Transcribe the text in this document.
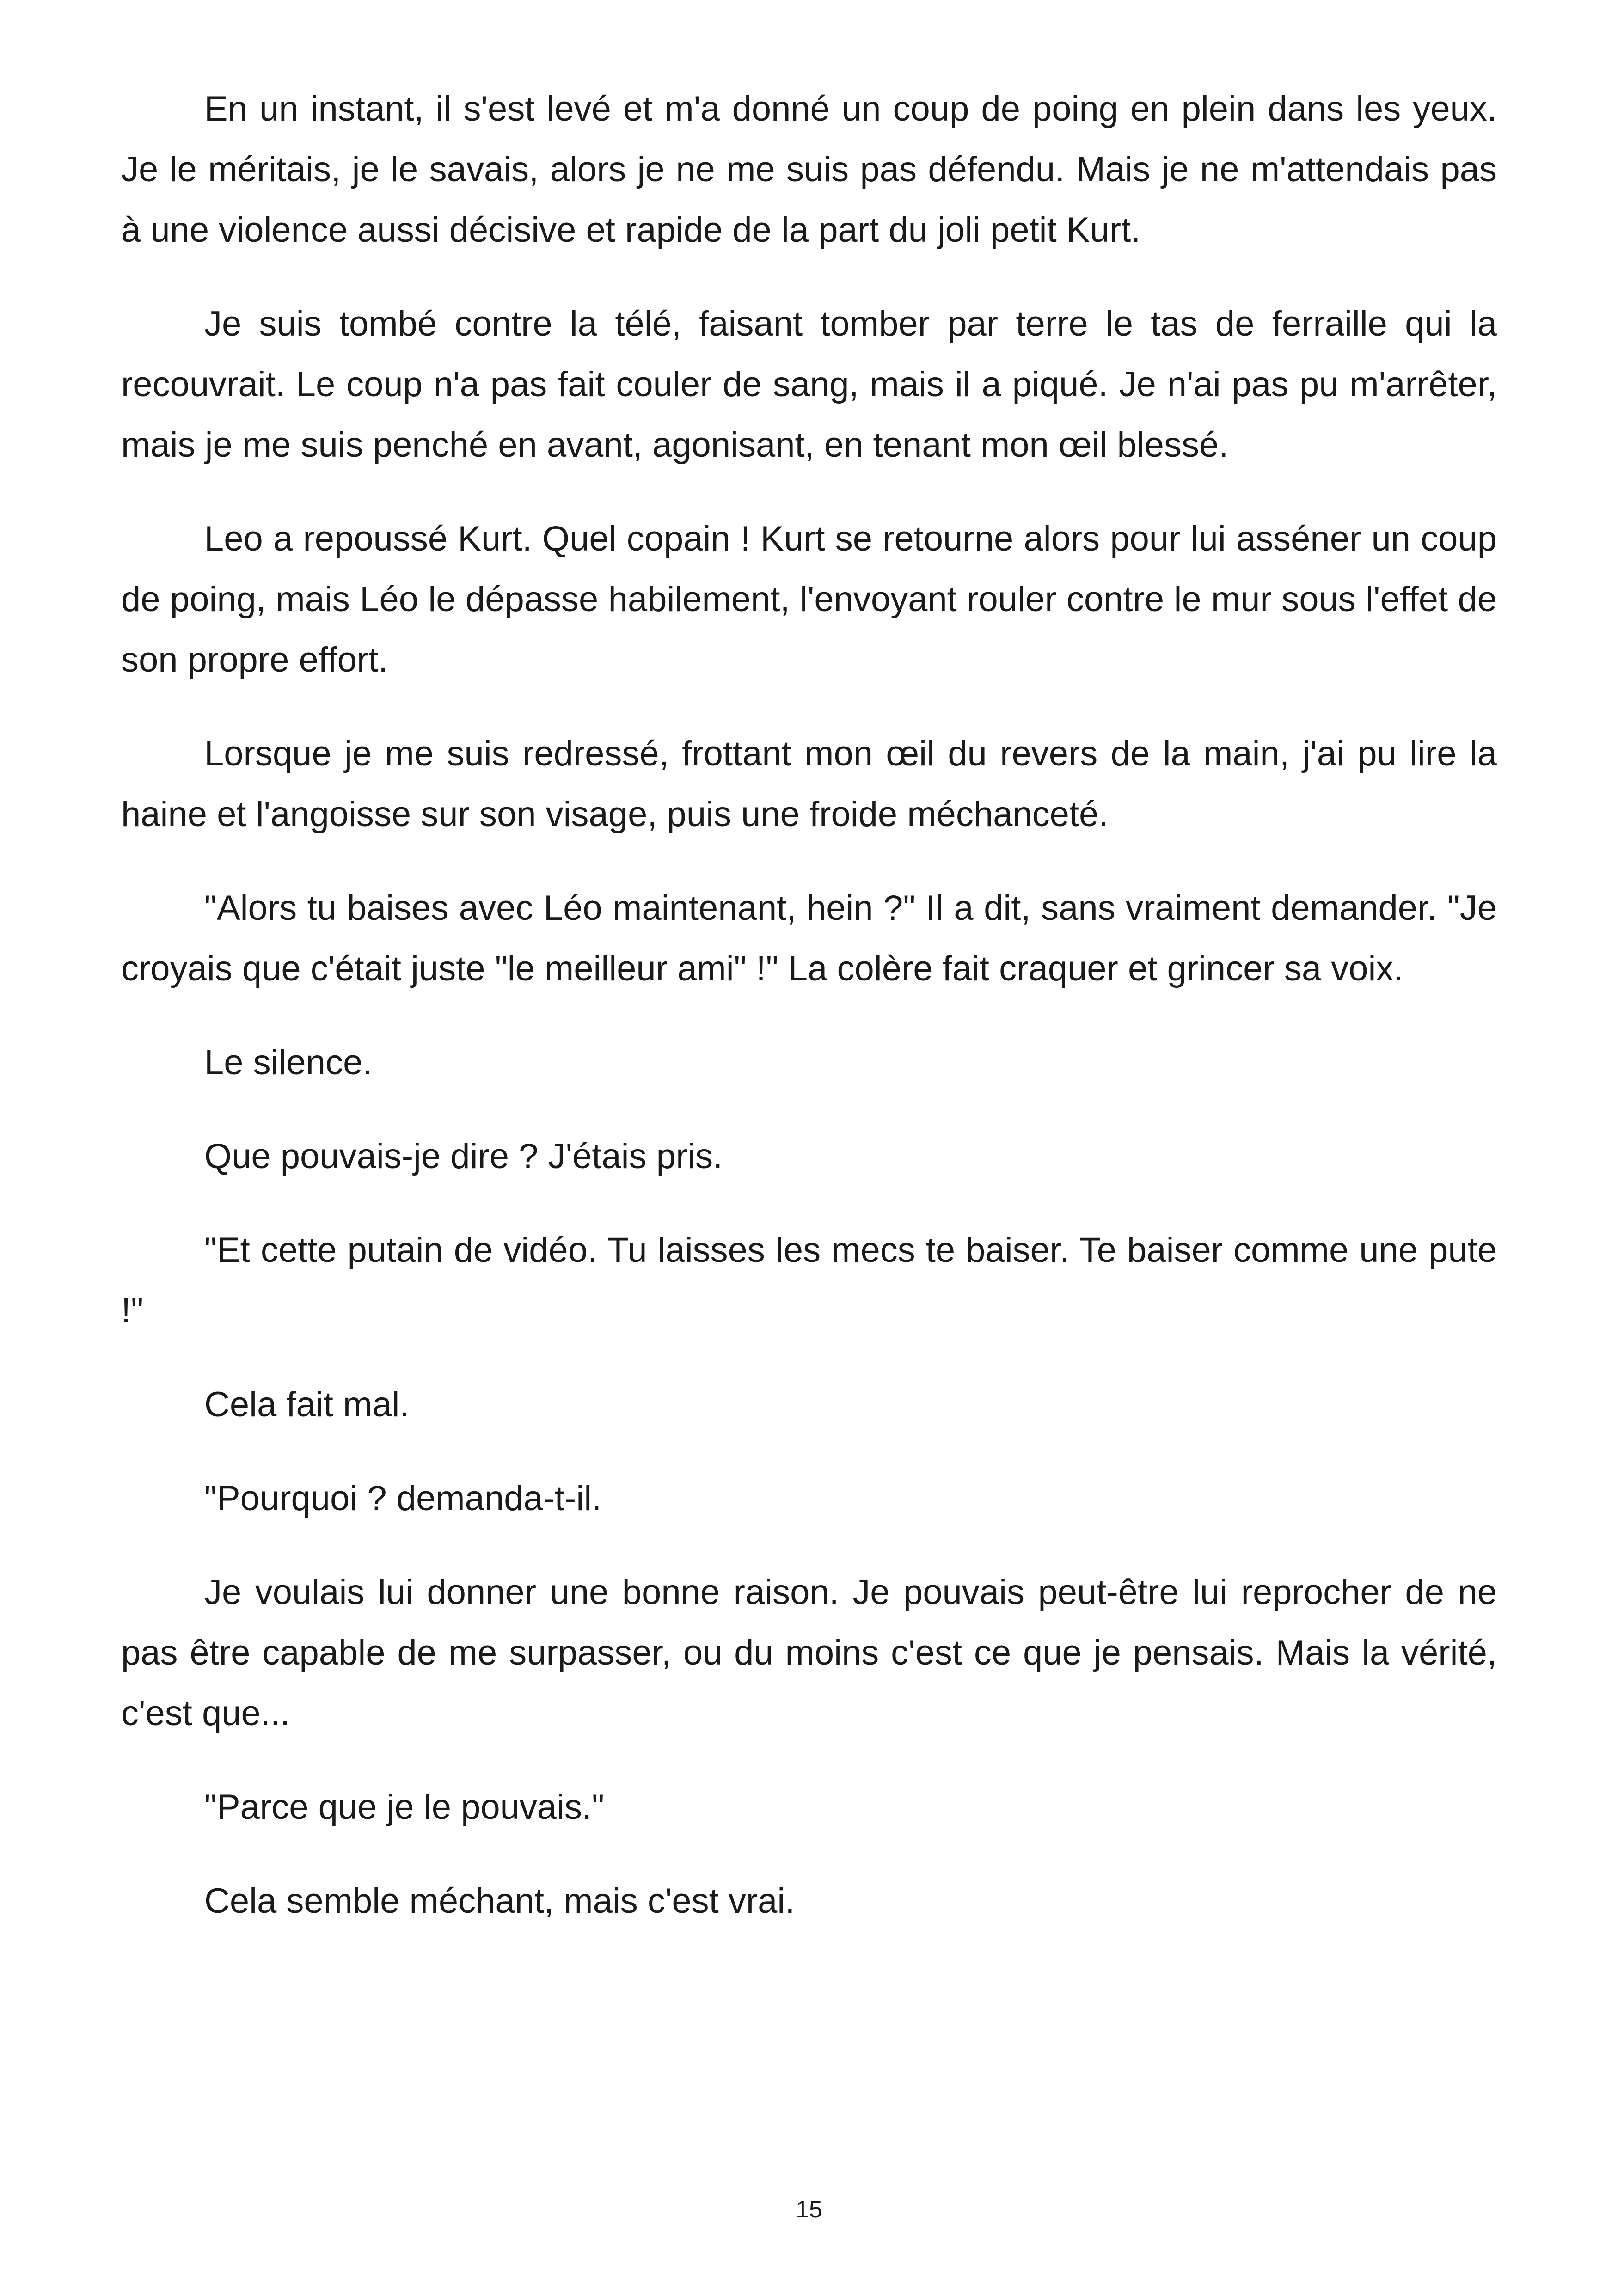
En un instant, il s'est levé et m'a donné un coup de poing en plein dans les yeux. Je le méritais, je le savais, alors je ne me suis pas défendu. Mais je ne m'attendais pas à une violence aussi décisive et rapide de la part du joli petit Kurt.

Je suis tombé contre la télé, faisant tomber par terre le tas de ferraille qui la recouvrait. Le coup n'a pas fait couler de sang, mais il a piqué. Je n'ai pas pu m'arrêter, mais je me suis penché en avant, agonisant, en tenant mon œil blessé.

Leo a repoussé Kurt. Quel copain ! Kurt se retourne alors pour lui asséner un coup de poing, mais Léo le dépasse habilement, l'envoyant rouler contre le mur sous l'effet de son propre effort.

Lorsque je me suis redressé, frottant mon œil du revers de la main, j'ai pu lire la haine et l'angoisse sur son visage, puis une froide méchanceté.

"Alors tu baises avec Léo maintenant, hein ?" Il a dit, sans vraiment demander. "Je croyais que c'était juste "le meilleur ami" !" La colère fait craquer et grincer sa voix.

Le silence.

Que pouvais-je dire ? J'étais pris.

"Et cette putain de vidéo. Tu laisses les mecs te baiser. Te baiser comme une pute !"

Cela fait mal.

"Pourquoi ? demanda-t-il.

Je voulais lui donner une bonne raison. Je pouvais peut-être lui reprocher de ne pas être capable de me surpasser, ou du moins c'est ce que je pensais. Mais la vérité, c'est que...

"Parce que je le pouvais."

Cela semble méchant, mais c'est vrai.

15
